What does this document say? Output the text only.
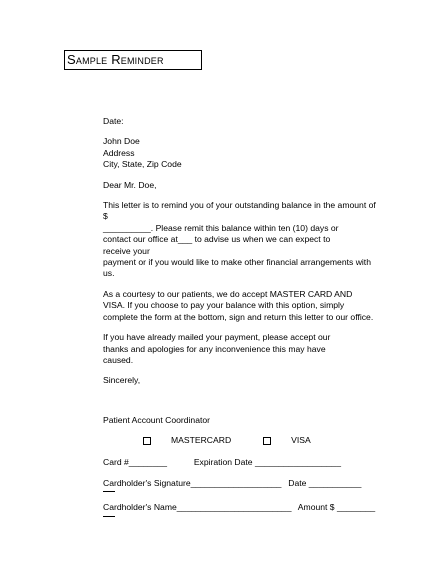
Sample Reminder

Date:

John Doe

Address

City, State, Zip Code

Dear Mr. Doe,

This letter is to remind you of your outstanding balance in the amount of

$

__________. Please remit this balance within ten (10) days or

contact our office at___ to advise us when we can expect to

receive your

payment or if you would like to make other financial arrangements with

us.

As a courtesy to our patients, we do accept MASTER CARD AND

VISA. If you choose to pay your balance with this option, simply

complete the form at the bottom, sign and return this letter to our office.

If you have already mailed your payment, please accept our

thanks and apologies for any inconvenience this may have

caused.

Sincerely,

Patient Account Coordinator

MASTERCARD	VISA
Card #________	Expiration Date __________________
Cardholder's Signature___________________ Date ___________
Cardholder's Name________________________ Amount $ ________
